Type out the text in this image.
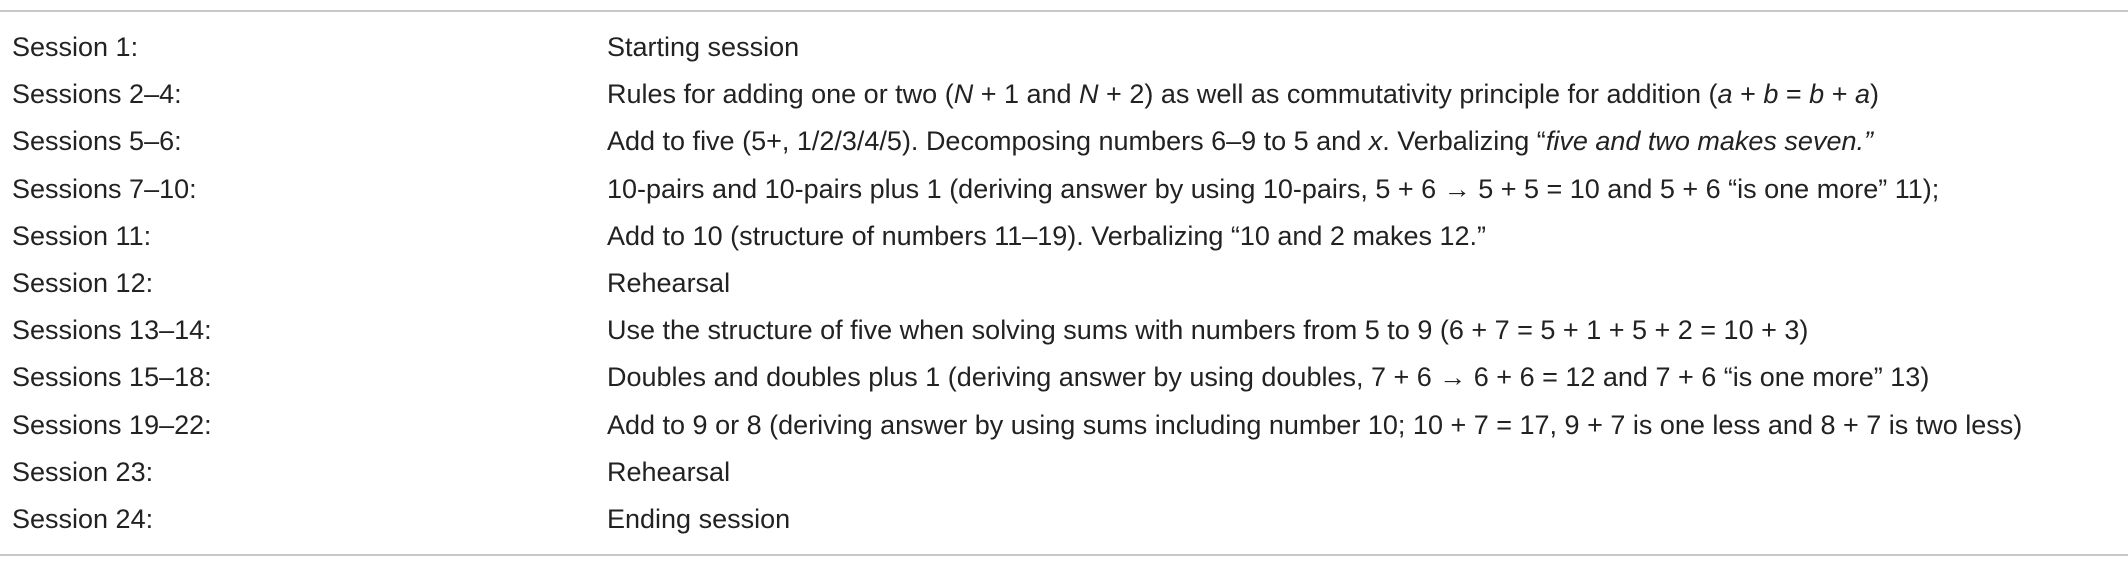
Session 1:	Starting session
Sessions 2–4:	Rules for adding one or two (N + 1 and N + 2) as well as commutativity principle for addition (a + b = b + a)
Sessions 5–6:	Add to five (5+, 1/2/3/4/5). Decomposing numbers 6–9 to 5 and x. Verbalizing “five and two makes seven.”
Sessions 7–10:	10-pairs and 10-pairs plus 1 (deriving answer by using 10-pairs, 5 + 6 → 5 + 5 = 10 and 5 + 6 “is one more” 11);
Session 11:	Add to 10 (structure of numbers 11–19). Verbalizing “10 and 2 makes 12.”
Session 12:	Rehearsal
Sessions 13–14:	Use the structure of five when solving sums with numbers from 5 to 9 (6 + 7 = 5 + 1 + 5 + 2 = 10 + 3)
Sessions 15–18:	Doubles and doubles plus 1 (deriving answer by using doubles, 7 + 6 → 6 + 6 = 12 and 7 + 6 “is one more” 13)
Sessions 19–22:	Add to 9 or 8 (deriving answer by using sums including number 10; 10 + 7 = 17, 9 + 7 is one less and 8 + 7 is two less)
Session 23:	Rehearsal
Session 24:	Ending session
